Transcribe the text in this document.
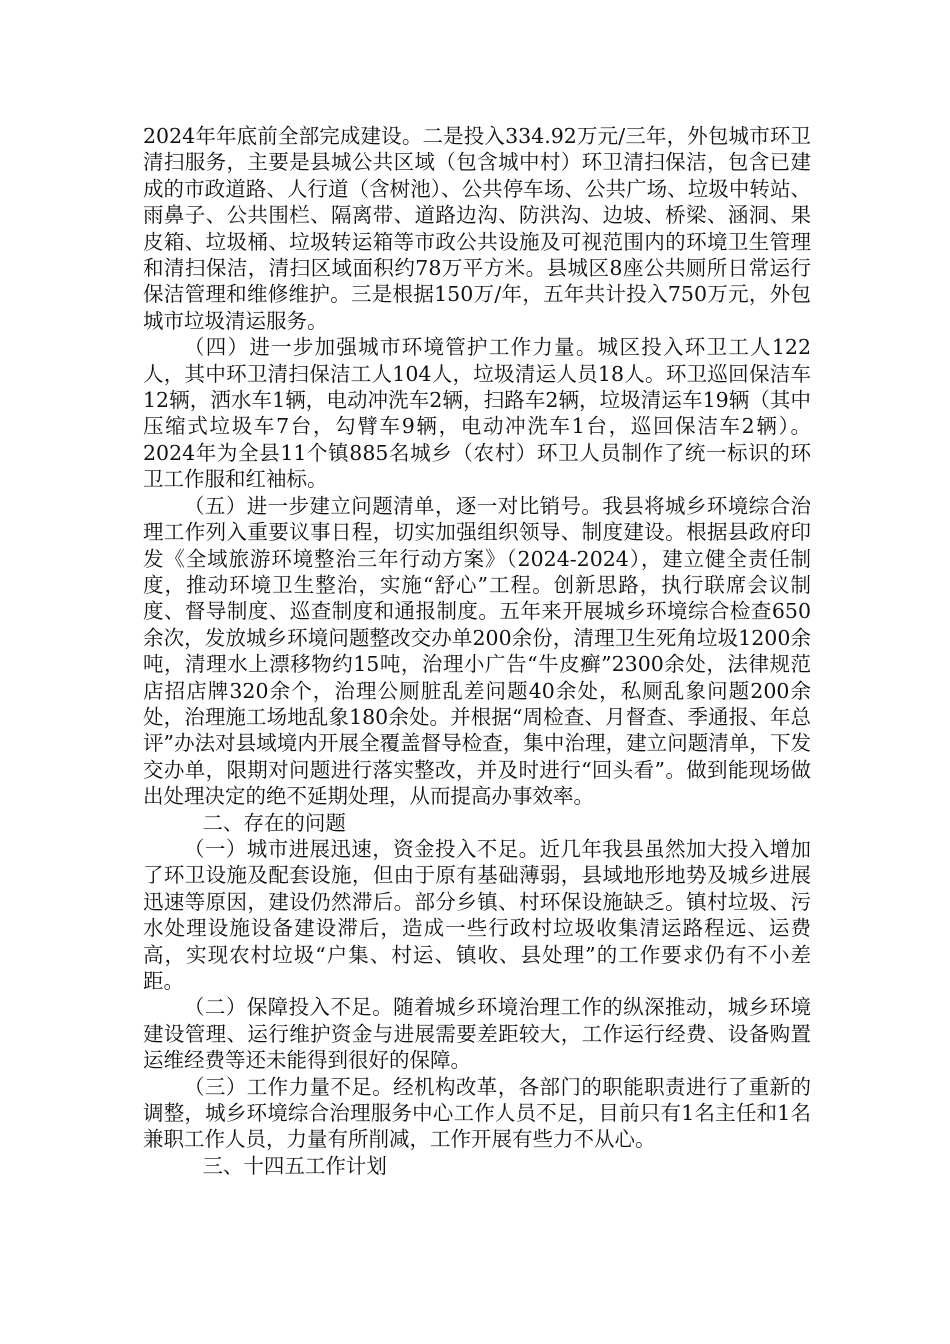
2024年年底前全部完成建设。二是投入334.92万元/三年，外包城市环卫清扫服务，主要是县城公共区域（包含城中村）环卫清扫保洁，包含已建成的市政道路、人行道（含树池）、公共停车场、公共广场、垃圾中转站、雨鼻子、公共围栏、隔离带、道路边沟、防洪沟、边坡、桥梁、涵洞、果皮箱、垃圾桶、垃圾转运箱等市政公共设施及可视范围内的环境卫生管理和清扫保洁，清扫区域面积约78万平方米。县城区8座公共厕所日常运行保洁管理和维修维护。三是根据150万/年，五年共计投入750万元，外包城市垃圾清运服务。

（四）进一步加强城市环境管护工作力量。城区投入环卫工人122人，其中环卫清扫保洁工人104人，垃圾清运人员18人。环卫巡回保洁车12辆，洒水车1辆，电动冲洗车2辆，扫路车2辆，垃圾清运车19辆（其中压缩式垃圾车7台，勾臂车9辆，电动冲洗车1台，巡回保洁车2辆）。2024年为全县11个镇885名城乡（农村）环卫人员制作了统一标识的环卫工作服和红袖标。

（五）进一步建立问题清单，逐一对比销号。我县将城乡环境综合治理工作列入重要议事日程，切实加强组织领导、制度建设。根据县政府印发《全域旅游环境整治三年行动方案》（2024-2024），建立健全责任制度，推动环境卫生整治，实施“舒心”工程。创新思路，执行联席会议制度、督导制度、巡查制度和通报制度。五年来开展城乡环境综合检查650余次，发放城乡环境问题整改交办单200余份，清理卫生死角垃圾1200余吨，清理水上漂移物约15吨，治理小广告“牛皮癣”2300余处，法律规范店招店牌320余个，治理公厕脏乱差问题40余处，私厕乱象问题200余处，治理施工场地乱象180余处。并根据“周检查、月督查、季通报、年总评”办法对县域境内开展全覆盖督导检查，集中治理，建立问题清单，下发交办单，限期对问题进行落实整改，并及时进行“回头看”。做到能现场做出处理决定的绝不延期处理，从而提高办事效率。

二、存在的问题

（一）城市进展迅速，资金投入不足。近几年我县虽然加大投入增加了环卫设施及配套设施，但由于原有基础薄弱，县域地形地势及城乡进展迅速等原因，建设仍然滞后。部分乡镇、村环保设施缺乏。镇村垃圾、污水处理设施设备建设滞后，造成一些行政村垃圾收集清运路程远、运费高，实现农村垃圾“户集、村运、镇收、县处理”的工作要求仍有不小差距。

（二）保障投入不足。随着城乡环境治理工作的纵深推动，城乡环境建设管理、运行维护资金与进展需要差距较大，工作运行经费、设备购置运维经费等还未能得到很好的保障。

（三）工作力量不足。经机构改革，各部门的职能职责进行了重新的调整，城乡环境综合治理服务中心工作人员不足，目前只有1名主任和1名兼职工作人员，力量有所削减，工作开展有些力不从心。

三、十四五工作计划
